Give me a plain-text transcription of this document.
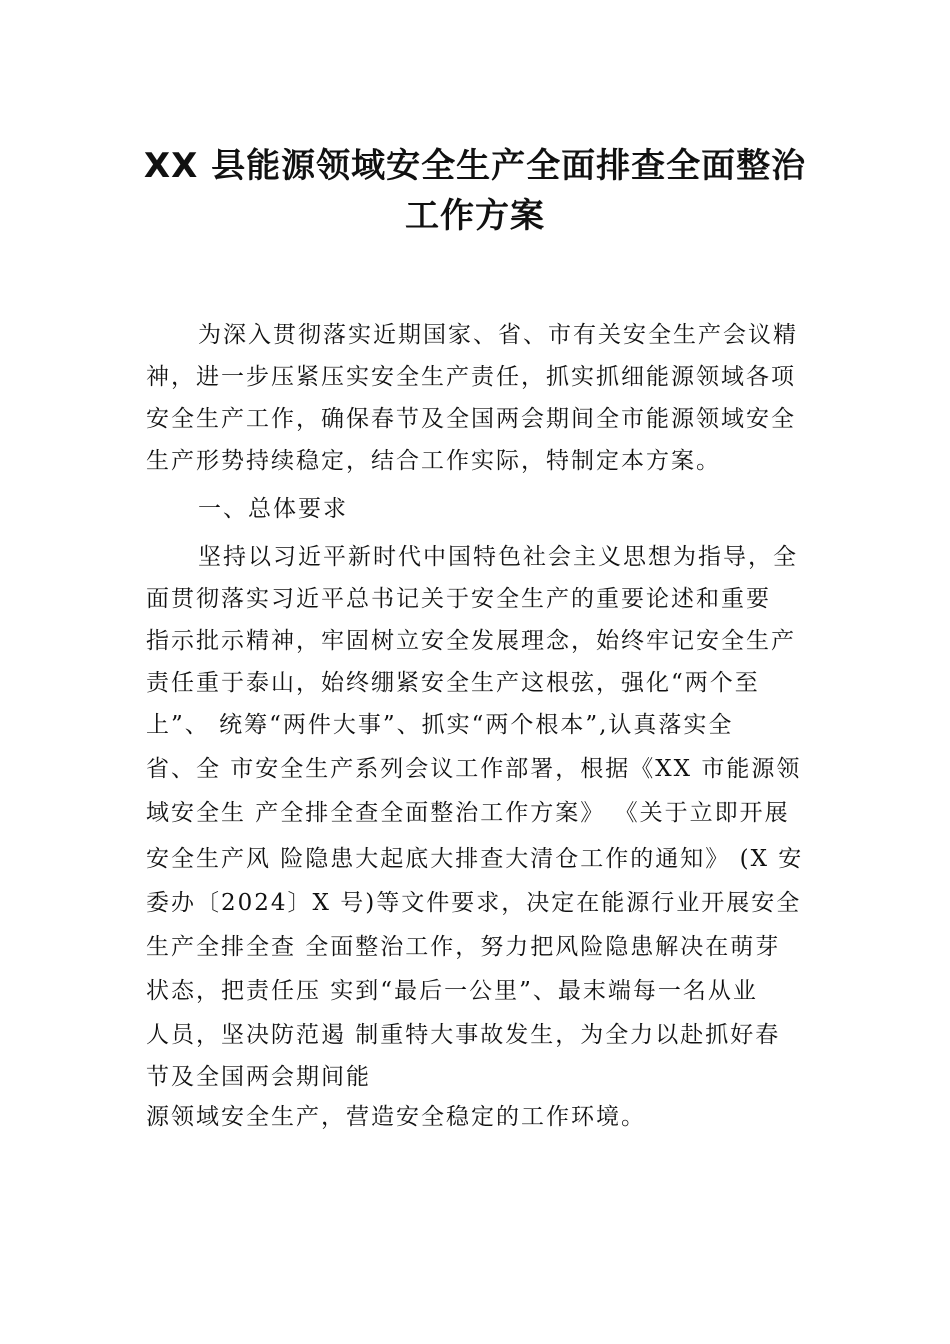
XX 县能源领域安全生产全面排查全面整治
工作方案
为深入贯彻落实近期国家、省、市有关安全生产会议精
神，进一步压紧压实安全生产责任，抓实抓细能源领域各项
安全生产工作，确保春节及全国两会期间全市能源领域安全
生产形势持续稳定，结合工作实际，特制定本方案。
一、总体要求
坚持以习近平新时代中国特色社会主义思想为指导，全
面贯彻落实习近平总书记关于安全生产的重要论述和重要
指示批示精神，牢固树立安全发展理念，始终牢记安全生产
责任重于泰山，始终绷紧安全生产这根弦，强化“两个至
上”、 统筹“两件大事”、抓实“两个根本”,认真落实全
省、全 市安全生产系列会议工作部署，根据《XX 市能源领
域安全生 产全排全查全面整治工作方案》 《关于立即开展
安全生产风 险隐患大起底大排查大清仓工作的通知》 (X 安
委办〔2024〕X 号)等文件要求，决定在能源行业开展安全
生产全排全查 全面整治工作，努力把风险隐患解决在萌芽
状态，把责任压 实到“最后一公里”、最末端每一名从业
人员，坚决防范遏 制重特大事故发生，为全力以赴抓好春
节及全国两会期间能
源领域安全生产，营造安全稳定的工作环境。
